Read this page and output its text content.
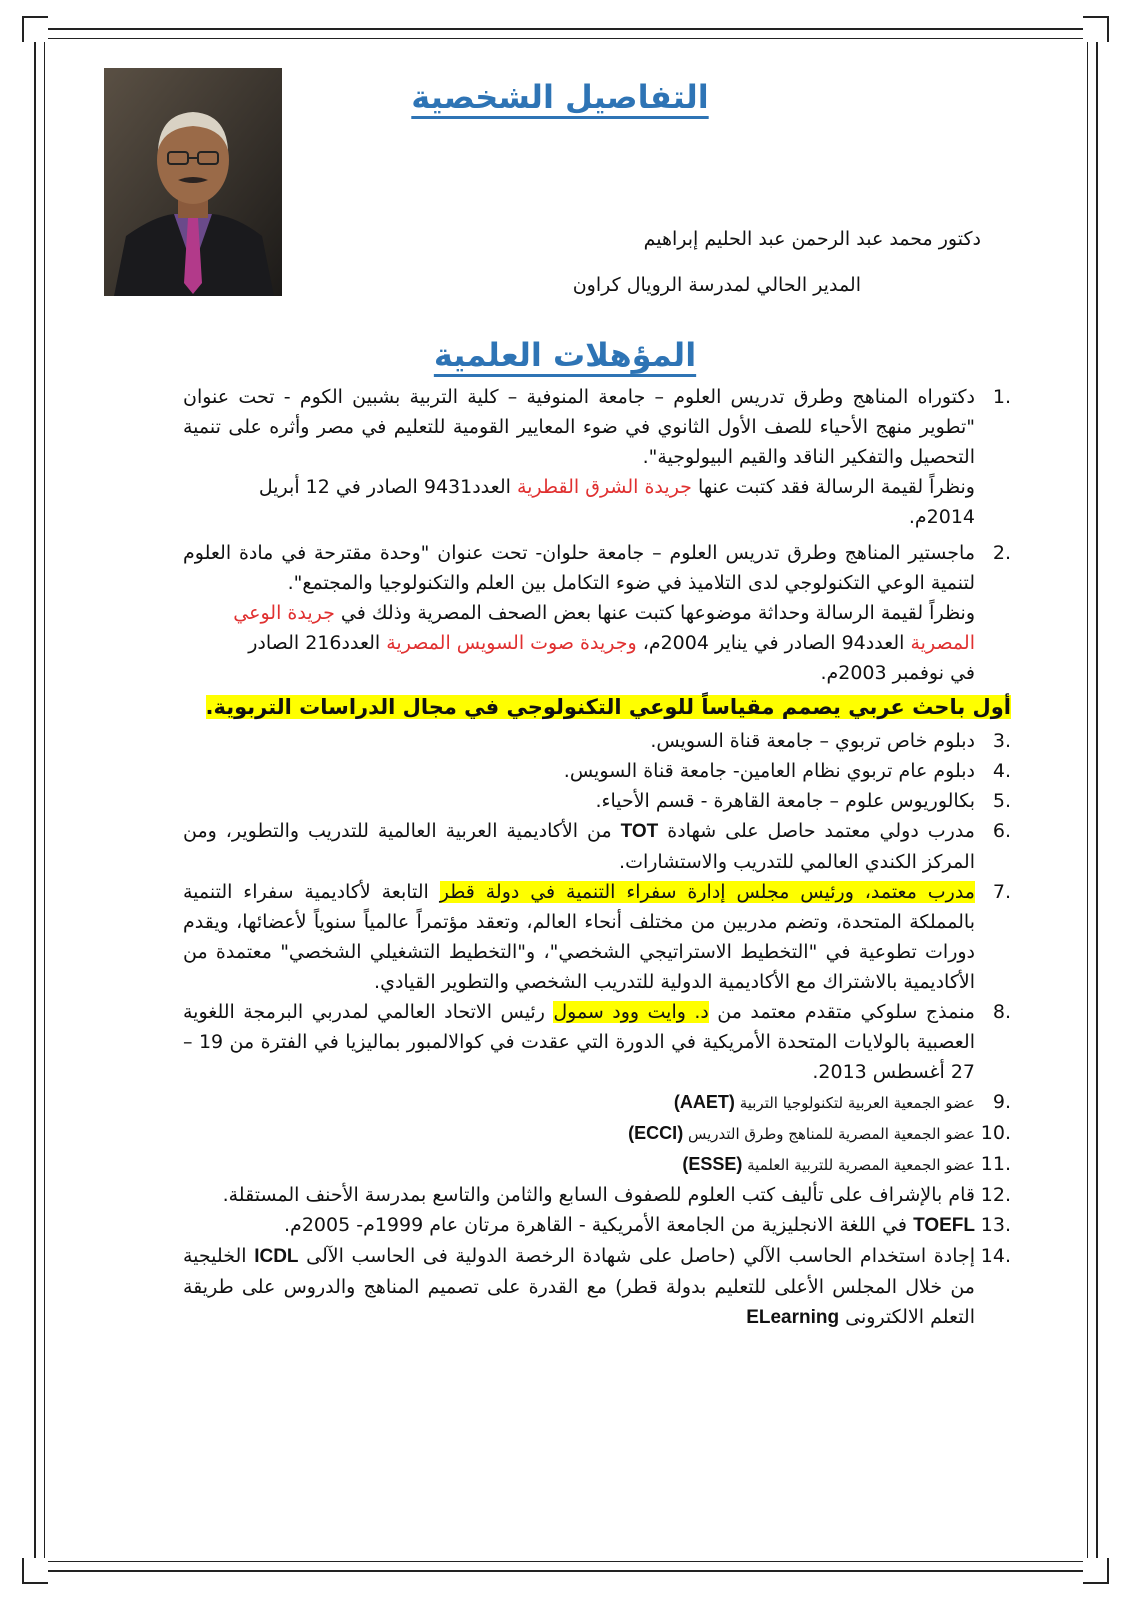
التفاصيل الشخصية
دكتور محمد عبد الرحمن عبد الحليم إبراهيم
المدير الحالي لمدرسة الرويال كراون
المؤهلات العلمية
.1
دكتوراه المناهج وطرق تدريس العلوم – جامعة المنوفية – كلية التربية بشبين الكوم - تحت عنوان "تطوير منهج الأحياء للصف الأول الثانوي في ضوء المعايير القومية للتعليم في مصر وأثره على تنمية التحصيل والتفكير الناقد والقيم البيولوجية".
ونظراً لقيمة الرسالة فقد كتبت عنها جريدة الشرق القطرية العدد9431 الصادر في 12 أبريل 2014م.
.2
ماجستير المناهج وطرق تدريس العلوم – جامعة حلوان- تحت عنوان "وحدة مقترحة في مادة العلوم لتنمية الوعي التكنولوجي لدى التلاميذ في ضوء التكامل بين العلم والتكنولوجيا والمجتمع".
ونظراً لقيمة الرسالة وحداثة موضوعها كتبت عنها بعض الصحف المصرية وذلك في جريدة الوعي المصرية العدد94 الصادر في يناير 2004م، وجريدة صوت السويس المصرية العدد216 الصادر في نوفمبر 2003م.
أول باحث عربي يصمم مقياساً للوعي التكنولوجي في مجال الدراسات التربوية.
.3
دبلوم خاص تربوي – جامعة قناة السويس.
.4
دبلوم عام تربوي نظام العامين- جامعة قناة السويس.
.5
بكالوريوس علوم – جامعة القاهرة - قسم الأحياء.
.6
مدرب دولي معتمد حاصل على شهادة TOT من الأكاديمية العربية العالمية للتدريب والتطوير، ومن المركز الكندي العالمي للتدريب والاستشارات.
.7
مدرب معتمد، ورئيس مجلس إدارة سفراء التنمية في دولة قطر التابعة لأكاديمية سفراء التنمية بالمملكة المتحدة، وتضم مدربين من مختلف أنحاء العالم، وتعقد مؤتمراً عالمياً سنوياً لأعضائها، ويقدم دورات تطوعية في "التخطيط الاستراتيجي الشخصي"، و"التخطيط التشغيلي الشخصي" معتمدة من الأكاديمية بالاشتراك مع الأكاديمية الدولية للتدريب الشخصي والتطوير القيادي.
.8
منمذج سلوكي متقدم معتمد من د. وايت وود سمول رئيس الاتحاد العالمي لمدربي البرمجة اللغوية العصبية بالولايات المتحدة الأمريكية في الدورة التي عقدت في كوالالمبور بماليزيا في الفترة من 19 – 27 أغسطس 2013.
.9
عضو الجمعية العربية لتكنولوجيا التربية (AAET)
.10
عضو الجمعية المصرية للمناهج وطرق التدريس (ECCI)
.11
عضو الجمعية المصرية للتربية العلمية (ESSE)
.12
قام بالإشراف على تأليف كتب العلوم للصفوف السابع والثامن والتاسع بمدرسة الأحنف المستقلة.
.13
TOEFL في اللغة الانجليزية من الجامعة الأمريكية - القاهرة مرتان عام 1999م- 2005م.
.14
إجادة استخدام الحاسب الآلي (حاصل على شهادة الرخصة الدولية فى الحاسب الآلى ICDL الخليجية من خلال المجلس الأعلى للتعليم بدولة قطر) مع القدرة على تصميم المناهج والدروس على طريقة التعلم الالكترونى ELearning
